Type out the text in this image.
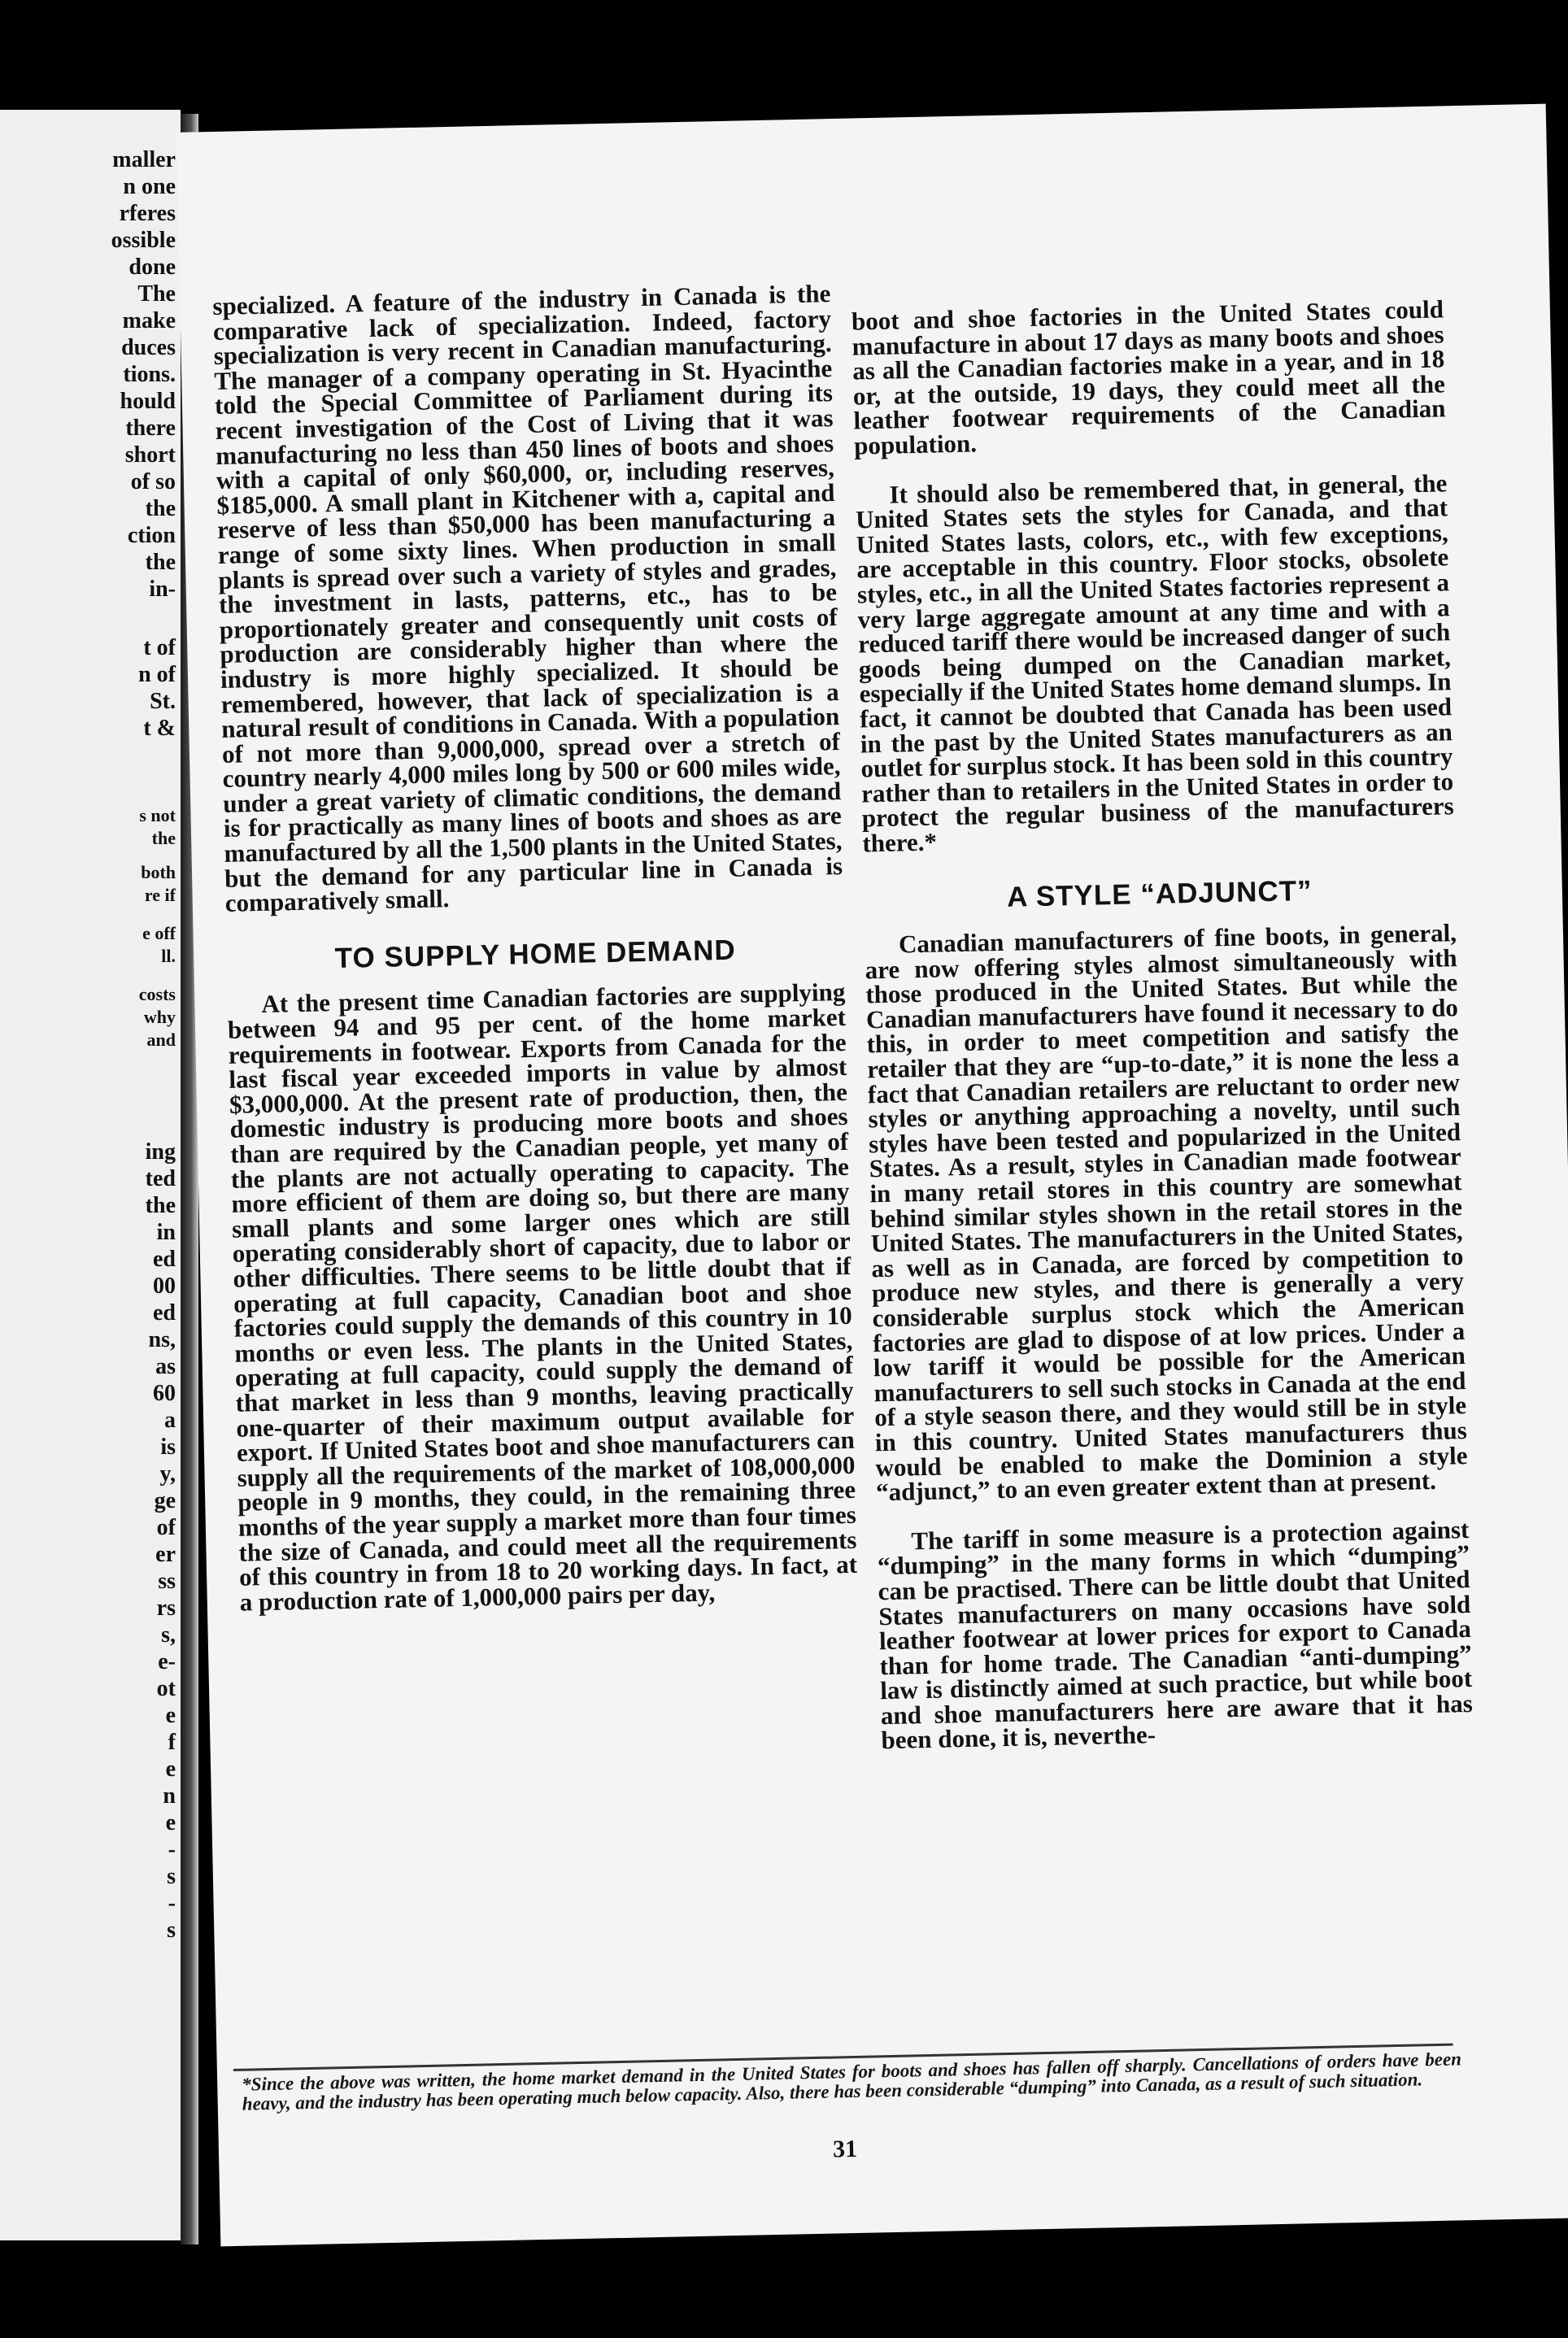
maller
n one
rferes
ossible
done
The
make
duces
tions.
hould
there
short
of so
the
ction
the
in-
t of
n of
St.
t &
s not
the
both
re if
e off
ll.
costs
why
and
ing
ted
the
in
ed
00
ed
ns,
as
60
a
is
y,
ge
of
er
ss
rs
s,
e-
ot
e
f
e
n
e
-
s
-
s

specialized. A feature of the industry in Canada is the comparative lack of specialization. Indeed, factory specialization is very recent in Canadian manufacturing. The manager of a company operating in St. Hyacinthe told the Special Committee of Parliament during its recent investigation of the Cost of Living that it was manufacturing no less than 450 lines of boots and shoes with a capital of only $60,000, or, including reserves, $185,000. A small plant in Kitchener with a, capital and reserve of less than $50,000 has been manufacturing a range of some sixty lines. When production in small plants is spread over such a variety of styles and grades, the investment in lasts, patterns, etc., has to be proportionately greater and consequently unit costs of production are considerably higher than where the industry is more highly specialized. It should be remembered, however, that lack of specialization is a natural result of conditions in Canada. With a population of not more than 9,000,000, spread over a stretch of country nearly 4,000 miles long by 500 or 600 miles wide, under a great variety of climatic conditions, the demand is for practically as many lines of boots and shoes as are manufactured by all the 1,500 plants in the United States, but the demand for any particular line in Canada is comparatively small.

TO SUPPLY HOME DEMAND

At the present time Canadian factories are supplying between 94 and 95 per cent. of the home market requirements in footwear. Exports from Canada for the last fiscal year exceeded imports in value by almost $3,000,000. At the present rate of production, then, the domestic industry is producing more boots and shoes than are required by the Canadian people, yet many of the plants are not actually operating to capacity. The more efficient of them are doing so, but there are many small plants and some larger ones which are still operating considerably short of capacity, due to labor or other difficulties. There seems to be little doubt that if operating at full capacity, Canadian boot and shoe factories could supply the demands of this country in 10 months or even less. The plants in the United States, operating at full capacity, could supply the demand of that market in less than 9 months, leaving practically one-quarter of their maximum output available for export. If United States boot and shoe manufacturers can supply all the requirements of the market of 108,000,000 people in 9 months, they could, in the remaining three months of the year supply a market more than four times the size of Canada, and could meet all the requirements of this country in from 18 to 20 working days. In fact, at a production rate of 1,000,000 pairs per day,

boot and shoe factories in the United States could manufacture in about 17 days as many boots and shoes as all the Canadian factories make in a year, and in 18 or, at the outside, 19 days, they could meet all the leather footwear requirements of the Canadian population.

It should also be remembered that, in general, the United States sets the styles for Canada, and that United States lasts, colors, etc., with few exceptions, are acceptable in this country. Floor stocks, obsolete styles, etc., in all the United States factories represent a very large aggregate amount at any time and with a reduced tariff there would be increased danger of such goods being dumped on the Canadian market, especially if the United States home demand slumps. In fact, it cannot be doubted that Canada has been used in the past by the United States manufacturers as an outlet for surplus stock. It has been sold in this country rather than to retailers in the United States in order to protect the regular business of the manufacturers there.*

A STYLE “ADJUNCT”

Canadian manufacturers of fine boots, in general, are now offering styles almost simultaneously with those produced in the United States. But while the Canadian manufacturers have found it necessary to do this, in order to meet competition and satisfy the retailer that they are “up-to-date,” it is none the less a fact that Canadian retailers are reluctant to order new styles or anything approaching a novelty, until such styles have been tested and popularized in the United States. As a result, styles in Canadian made footwear in many retail stores in this country are somewhat behind similar styles shown in the retail stores in the United States. The manufacturers in the United States, as well as in Canada, are forced by competition to produce new styles, and there is generally a very considerable surplus stock which the American factories are glad to dispose of at low prices. Under a low tariff it would be possible for the American manufacturers to sell such stocks in Canada at the end of a style season there, and they would still be in style in this country. United States manufacturers thus would be enabled to make the Dominion a style “adjunct,” to an even greater extent than at present.

The tariff in some measure is a protection against “dumping” in the many forms in which “dumping” can be practised. There can be little doubt that United States manufacturers on many occasions have sold leather footwear at lower prices for export to Canada than for home trade. The Canadian “anti-dumping” law is distinctly aimed at such practice, but while boot and shoe manufacturers here are aware that it has been done, it is, neverthe-

*Since the above was written, the home market demand in the United States for boots and shoes has fallen off sharply. Cancellations of orders have been heavy, and the industry has been operating much below capacity. Also, there has been considerable “dumping” into Canada, as a result of such situation.
31
